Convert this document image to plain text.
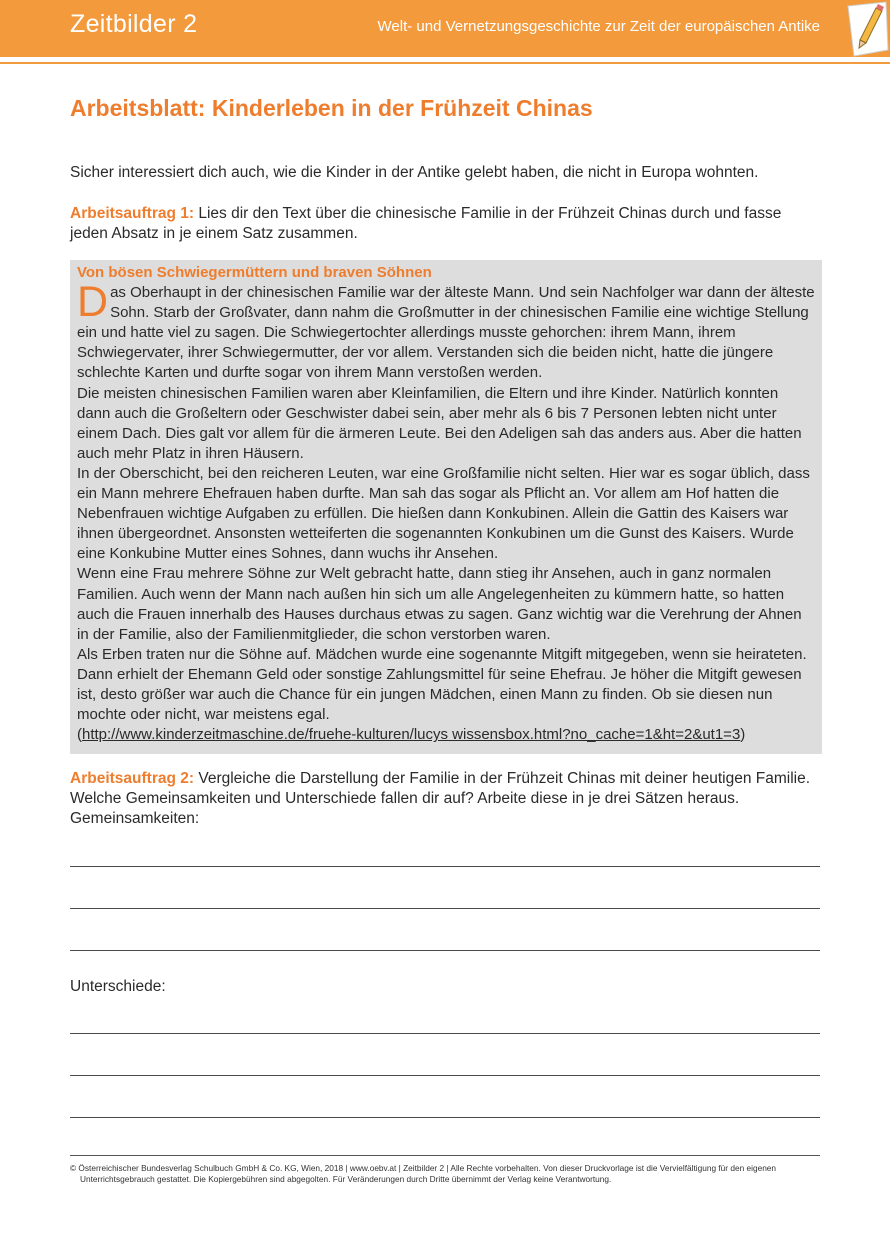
Zeitbilder 2	Welt- und Vernetzungsgeschichte zur Zeit der europäischen Antike
Arbeitsblatt: Kinderleben in der Frühzeit Chinas

Sicher interessiert dich auch, wie die Kinder in der Antike gelebt haben, die nicht in Europa wohnten.

Arbeitsauftrag 1: Lies dir den Text über die chinesische Familie in der Frühzeit Chinas durch und fasse jeden Absatz in je einem Satz zusammen.

Von bösen Schwiegermüttern und braven Söhnen

Das Oberhaupt in der chinesischen Familie war der älteste Mann. Und sein Nachfolger war dann der älteste Sohn. Starb der Großvater, dann nahm die Großmutter in der chinesischen Familie eine wichtige Stellung ein und hatte viel zu sagen. Die Schwiegertochter allerdings musste gehorchen: ihrem Mann, ihrem Schwiegervater, ihrer Schwiegermutter, der vor allem. Verstanden sich die beiden nicht, hatte die jüngere schlechte Karten und durfte sogar von ihrem Mann verstoßen werden.

Die meisten chinesischen Familien waren aber Kleinfamilien, die Eltern und ihre Kinder. Natürlich konnten dann auch die Großeltern oder Geschwister dabei sein, aber mehr als 6 bis 7 Personen lebten nicht unter einem Dach. Dies galt vor allem für die ärmeren Leute. Bei den Adeligen sah das anders aus. Aber die hatten auch mehr Platz in ihren Häusern.

In der Oberschicht, bei den reicheren Leuten, war eine Großfamilie nicht selten. Hier war es sogar üblich, dass ein Mann mehrere Ehefrauen haben durfte. Man sah das sogar als Pflicht an. Vor allem am Hof hatten die Nebenfrauen wichtige Aufgaben zu erfüllen. Die hießen dann Konkubinen. Allein die Gattin des Kaisers war ihnen übergeordnet. Ansonsten wetteiferten die sogenannten Konkubinen um die Gunst des Kaisers. Wurde eine Konkubine Mutter eines Sohnes, dann wuchs ihr Ansehen.

Wenn eine Frau mehrere Söhne zur Welt gebracht hatte, dann stieg ihr Ansehen, auch in ganz normalen Familien. Auch wenn der Mann nach außen hin sich um alle Angelegenheiten zu kümmern hatte, so hatten auch die Frauen innerhalb des Hauses durchaus etwas zu sagen. Ganz wichtig war die Verehrung der Ahnen in der Familie, also der Familienmitglieder, die schon verstorben waren.

Als Erben traten nur die Söhne auf. Mädchen wurde eine sogenannte Mitgift mitgegeben, wenn sie heirateten. Dann erhielt der Ehemann Geld oder sonstige Zahlungsmittel für seine Ehefrau. Je höher die Mitgift gewesen ist, desto größer war auch die Chance für ein jungen Mädchen, einen Mann zu finden. Ob sie diesen nun mochte oder nicht, war meistens egal.

(http://www.kinderzeitmaschine.de/fruehe-kulturen/lucys wissensbox.html?no_cache=1&ht=2&ut1=3)

Arbeitsauftrag 2: Vergleiche die Darstellung der Familie in der Frühzeit Chinas mit deiner heutigen Familie. Welche Gemeinsamkeiten und Unterschiede fallen dir auf? Arbeite diese in je drei Sätzen heraus.

Gemeinsamkeiten:
Unterschiede:
© Österreichischer Bundesverlag Schulbuch GmbH & Co. KG, Wien, 2018 | www.oebv.at | Zeitbilder 2 | Alle Rechte vorbehalten. Von dieser Druckvorlage ist die Vervielfältigung für den eigenen
Unterrichtsgebrauch gestattet. Die Kopiergebühren sind abgegolten. Für Veränderungen durch Dritte übernimmt der Verlag keine Verantwortung.
